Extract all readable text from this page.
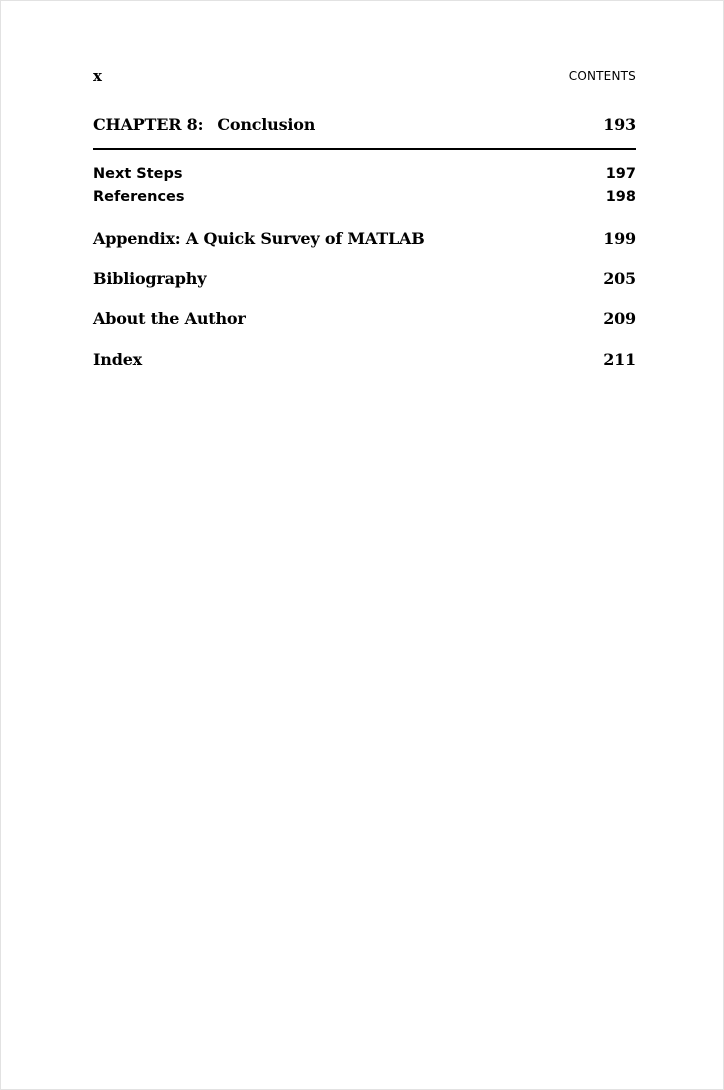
x	CONTENTS
CHAPTER 8: Conclusion	193
Next Steps	197
References	198
Appendix: A Quick Survey of MATLAB	199
Bibliography	205
About the Author	209
Index	211
